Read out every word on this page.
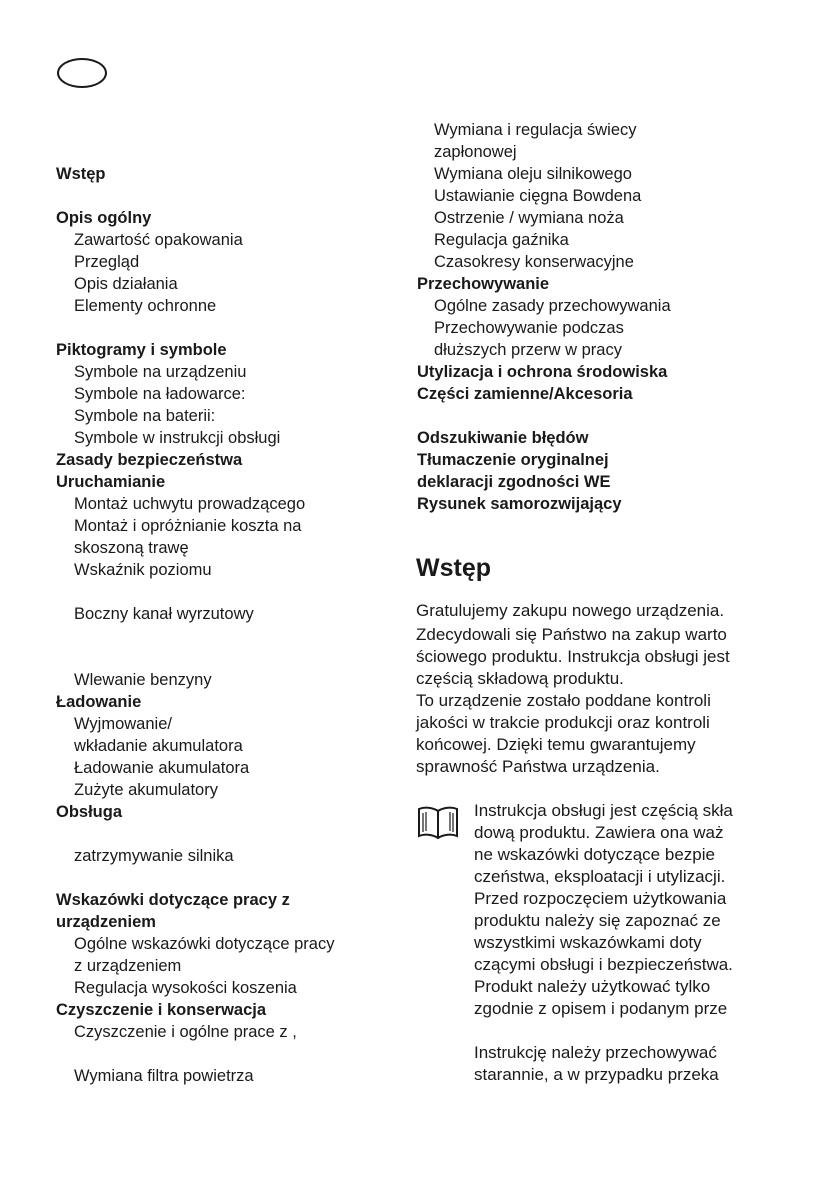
Wstęp
Opis ogólny
Zawartość opakowania
Przegląd
Opis działania
Elementy ochronne
Piktogramy i symbole
Symbole na urządzeniu
Symbole na ładowarce:
Symbole na baterii:
Symbole w instrukcji obsługi
Zasady bezpieczeństwa
Uruchamianie
Montaż uchwytu prowadzącego
Montaż i opróżnianie koszta na
skoszoną trawę
Wskaźnik poziomu
Boczny kanał wyrzutowy
Wlewanie benzyny
Ładowanie
Wyjmowanie/
wkładanie akumulatora
Ładowanie akumulatora
Zużyte akumulatory
Obsługa
zatrzymywanie silnika
Wskazówki dotyczące pracy z
urządzeniem
Ogólne wskazówki dotyczące pracy
z urządzeniem
Regulacja wysokości koszenia
Czyszczenie i konserwacja
Czyszczenie i ogólne prace z ,
Wymiana filtra powietrza
Wymiana i regulacja świecy
zapłonowej
Wymiana oleju silnikowego
Ustawianie cięgna Bowdena
Ostrzenie / wymiana noża
Regulacja gaźnika
Czasokresy konserwacyjne
Przechowywanie
Ogólne zasady przechowywania
Przechowywanie podczas
dłuższych przerw w pracy
Utylizacja i ochrona środowiska
Części zamienne/Akcesoria
Odszukiwanie błędów
Tłumaczenie oryginalnej
deklaracji zgodności WE
Rysunek samorozwijający
Wstęp
Gratulujemy zakupu nowego urządzenia.
Zdecydowali się Państwo na zakup warto
ściowego produktu. Instrukcja obsługi jest
częścią składową produktu.
To urządzenie zostało poddane kontroli
jakości w trakcie produkcji oraz kontroli
końcowej. Dzięki temu gwarantujemy
sprawność Państwa urządzenia.
Instrukcja obsługi jest częścią skła
dową produktu. Zawiera ona waż
ne wskazówki dotyczące bezpie
czeństwa, eksploatacji i utylizacji.
Przed rozpoczęciem użytkowania
produktu należy się zapoznać ze
wszystkimi wskazówkami doty
czącymi obsługi i bezpieczeństwa.
Produkt należy użytkować tylko
zgodnie z opisem i podanym prze
Instrukcję należy przechowywać
starannie, a w przypadku przeka
